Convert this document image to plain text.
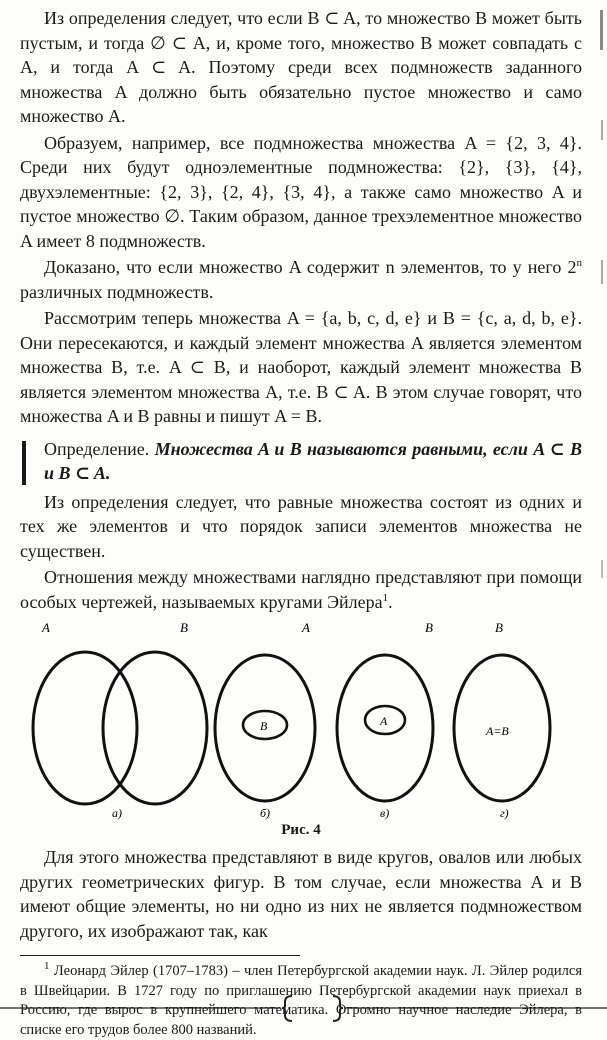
Из определения следует, что если B ⊂ A, то множество B может быть пустым, и тогда ∅ ⊂ A, и, кроме того, множество B может совпадать с A, и тогда A ⊂ A. Поэтому среди всех подмножеств заданного множества A должно быть обязательно пустое множество и само множество A.

Образуем, например, все подмножества множества A = {2, 3, 4}. Среди них будут одноэлементные подмножества: {2}, {3}, {4}, двухэлементные: {2, 3}, {2, 4}, {3, 4}, а также само множество A и пустое множество ∅. Таким образом, данное трехэлементное множество A имеет 8 подмножеств.

Доказано, что если множество A содержит n элементов, то у него 2$^n$ различных подмножеств.

Рассмотрим теперь множества A = {a, b, c, d, e} и B = {c, a, d, b, e}. Они пересекаются, и каждый элемент множества A является элементом множества B, т.е. A ⊂ B, и наоборот, каждый элемент множества B является элементом множества A, т.е. B ⊂ A. В этом случае говорят, что множества A и B равны и пишут A = B.

Определение. Множества A и B называются равными, если A ⊂ B и B ⊂ A.

Из определения следует, что равные множества состоят из одних и тех же элементов и что порядок записи элементов множества не существен.

Отношения между множествами наглядно представляют при помощи особых чертежей, называемых кругами Эйлера$^1$.

A	B
а)
A
B
б)
B
A
в)
B
A=B
г)
Рис. 4

Для этого множества представляют в виде кругов, овалов или любых других геометрических фигур. В том случае, если множества A и B имеют общие элементы, но ни одно из них не является подмножеством другого, их изображают так, как

$^1$ Леонард Эйлер (1707–1783) – член Петербургской академии наук. Л. Эйлер родился в Швейцарии. В 1727 году по приглашению Петербургской академии наук приехал в Россию, где вырос в крупнейшего математика. Огромно научное наследие Эйлера, в списке его трудов более 800 названий.
